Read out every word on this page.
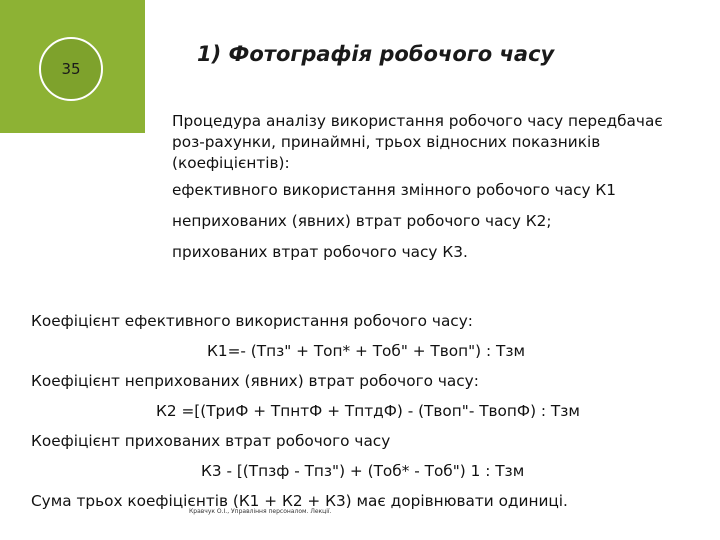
35
1) Фотографія робочого часу
Процедура аналізу використання робочого часу передбачає
роз-рахунки, принаймні, трьох відносних показників
(коефіцієнтів):
ефективного використання змінного робочого часу К1
неприхованих (явних) втрат робочого часу К2;
прихованих втрат робочого часу К3.
Коефіцієнт ефективного використання робочого часу:
К1=- (Тпз" + Топ* + Тоб" + Твоп") : Тзм
Коефіцієнт неприхованих (явних) втрат робочого часу:
К2 =[(ТриФ + ТпнтФ + ТптдФ) - (Твоп"- ТвопФ) : Тзм
Коефіцієнт прихованих втрат робочого часу
К3 - [(Тпзф - Тпз") + (Тоб* - Тоб") 1 : Тзм
Сума трьох коефіцієнтів (К1 + К2 + К3) має дорівнювати одиниці.
Кравчук О.І., Управління персоналом. Лекції.
